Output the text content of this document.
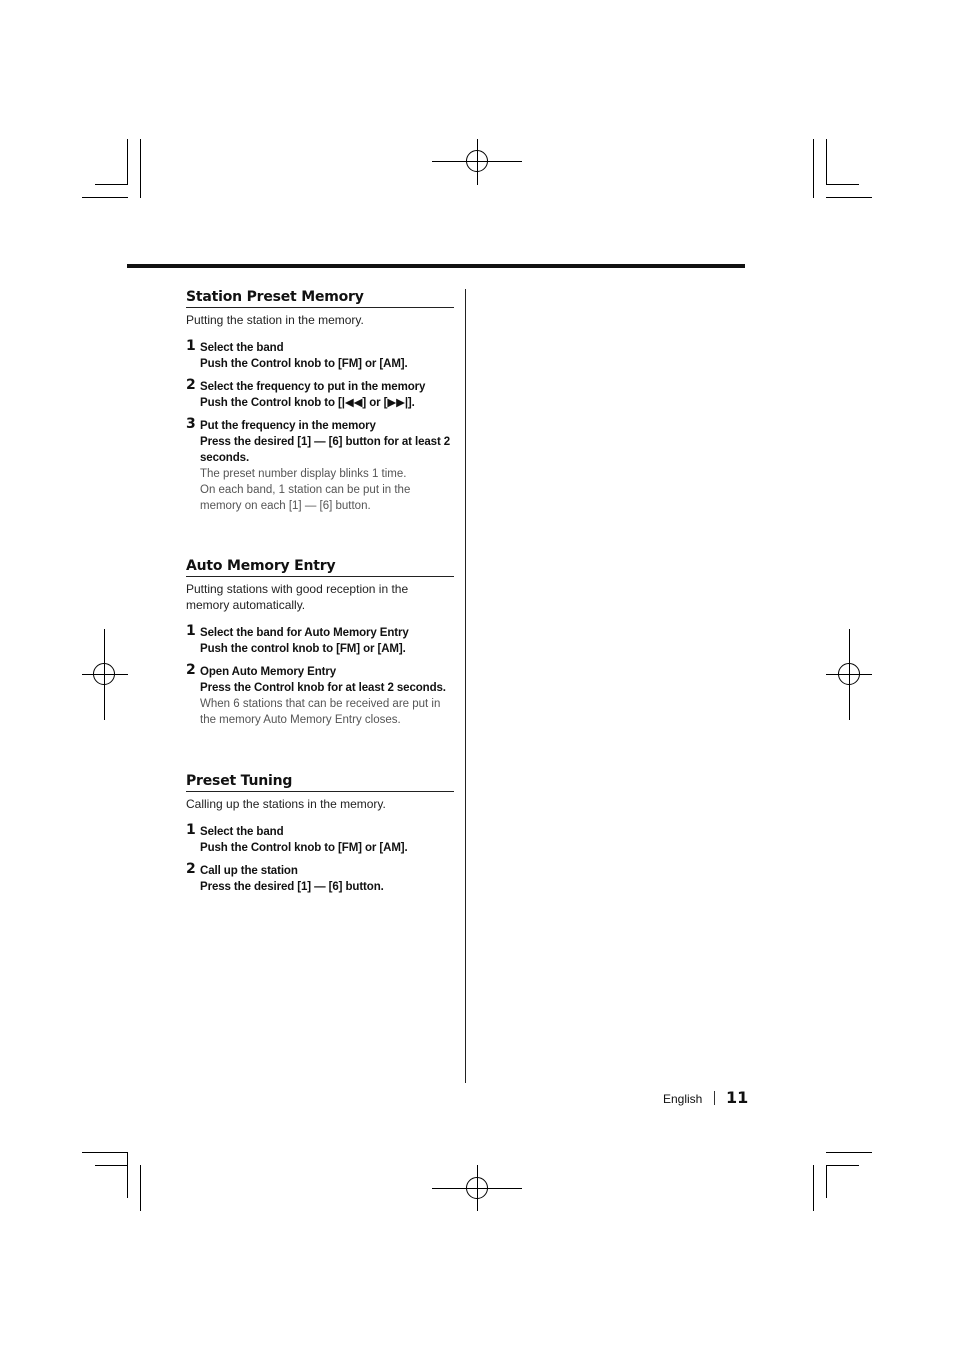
Station Preset Memory

Putting the station in the memory.

1 Select the band
Push the Control knob to [FM] or [AM].
2 Select the frequency to put in the memory
Push the Control knob to [|◀◀] or [▶▶|].
3 Put the frequency in the memory
Press the desired [1] — [6] button for at least 2 seconds.
The preset number display blinks 1 time.
On each band, 1 station can be put in the memory on each [1] — [6] button.
Auto Memory Entry

Putting stations with good reception in the memory automatically.

1 Select the band for Auto Memory Entry
Push the control knob to [FM] or [AM].
2 Open Auto Memory Entry
Press the Control knob for at least 2 seconds.
When 6 stations that can be received are put in the memory Auto Memory Entry closes.
Preset Tuning

Calling up the stations in the memory.

1 Select the band
Push the Control knob to [FM] or [AM].
2 Call up the station
Press the desired [1] — [6] button.
English 11
